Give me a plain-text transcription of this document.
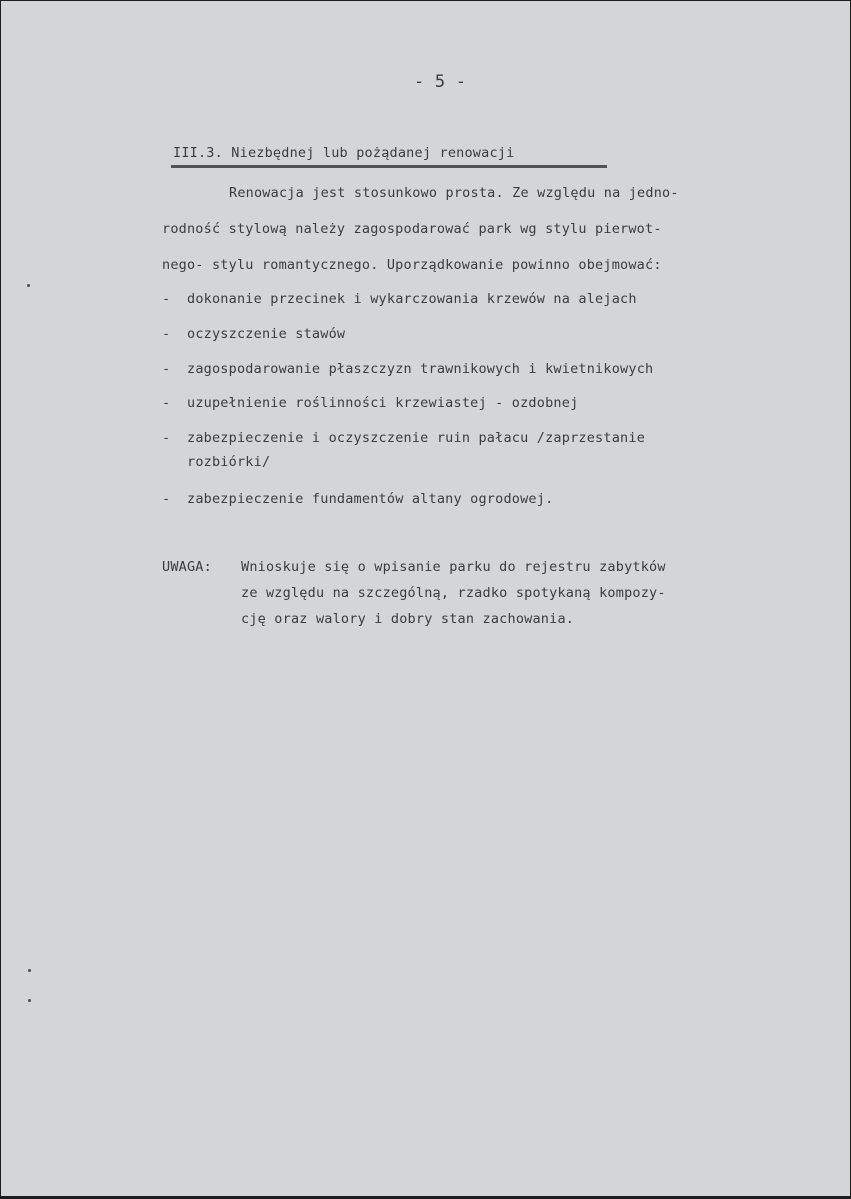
- 5 -
III.3. Niezbędnej lub pożądanej renowacji
Renowacja jest stosunkowo prosta. Ze względu na jedno-
rodność stylową należy zagospodarować park wg stylu pierwot-
nego- stylu romantycznego. Uporządkowanie powinno obejmować:
- dokonanie przecinek i wykarczowania krzewów na alejach
- oczyszczenie stawów
- zagospodarowanie płaszczyzn trawnikowych i kwietnikowych
- uzupełnienie roślinności krzewiastej - ozdobnej
- zabezpieczenie i oczyszczenie ruin pałacu /zaprzestanie
rozbiórki/
- zabezpieczenie fundamentów altany ogrodowej.
UWAGA: Wnioskuje się o wpisanie parku do rejestru zabytków
ze względu na szczególną, rzadko spotykaną kompozy-
cję oraz walory i dobry stan zachowania.
